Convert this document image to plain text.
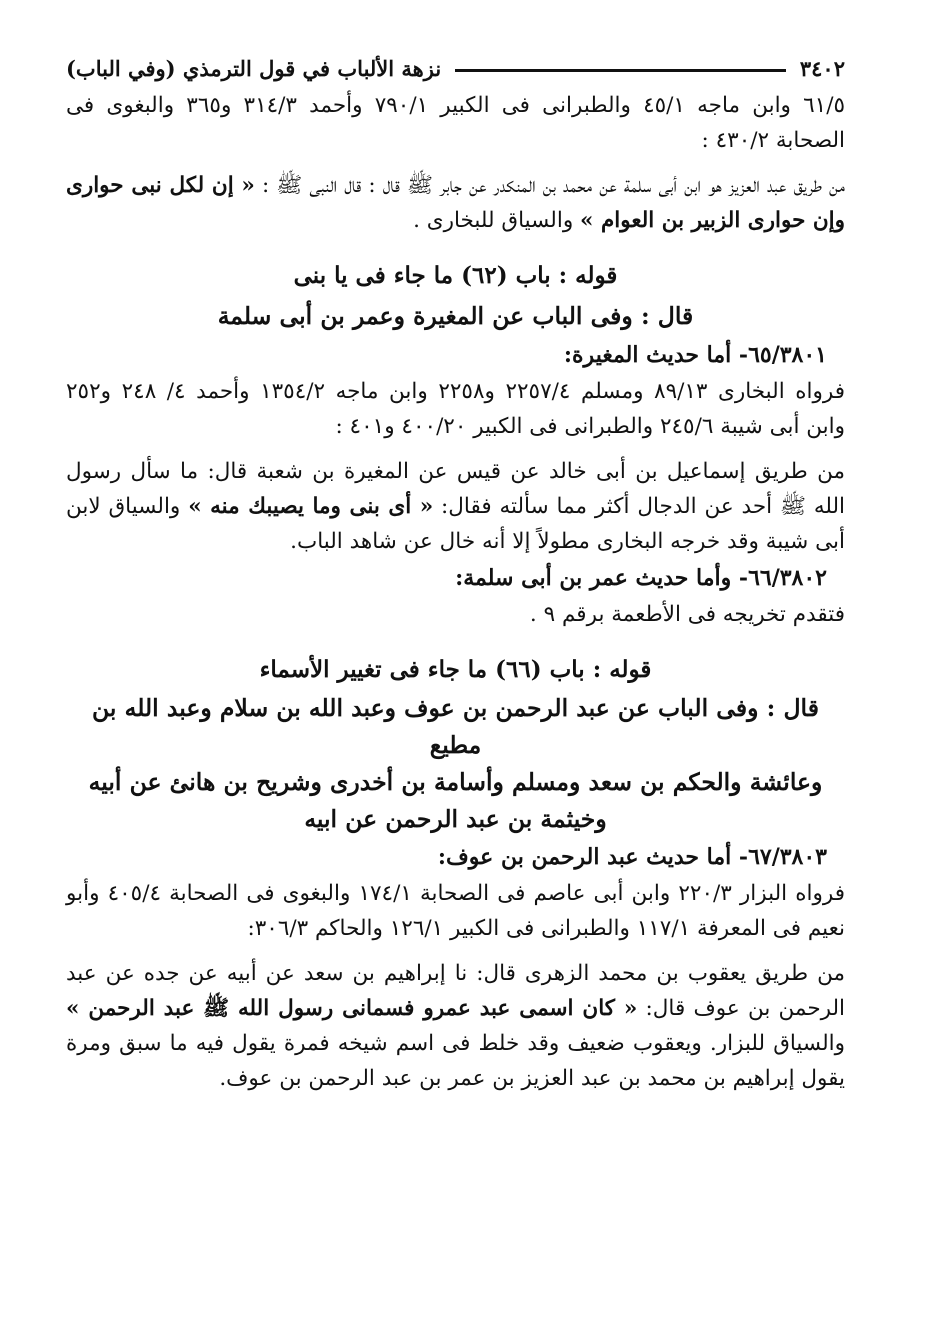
٣٤٠٢
نزهة الألباب في قول الترمذي (وفي الباب)

٦١/٥ وابن ماجه ٤٥/١ والطبرانى فى الكبير ٧٩٠/١ وأحمد ٣١٤/٣ و٣٦٥ والبغوى فى الصحابة ٤٣٠/٢ :

من طريق عبد العزيز هو ابن أبى سلمة عن محمد بن المنكدر عن جابر ﷺ قال : قال النبى ﷺ : « إن لكل نبى حوارى وإن حوارى الزبير بن العوام » والسياق للبخارى .

قوله : باب (٦٢) ما جاء فى يا بنى

قال : وفى الباب عن المغيرة وعمر بن أبى سلمة

٦٥/٣٨٠١- أما حديث المغيرة:

فرواه البخارى ٨٩/١٣ ومسلم ٢٢٥٧/٤ و٢٢٥٨ وابن ماجه ١٣٥٤/٢ وأحمد ٤/ ٢٤٨ و٢٥٢ وابن أبى شيبة ٢٤٥/٦ والطبرانى فى الكبير ٤٠٠/٢٠ و٤٠١ :

من طريق إسماعيل بن أبى خالد عن قيس عن المغيرة بن شعبة قال: ما سأل رسول الله ﷺ أحد عن الدجال أكثر مما سألته فقال: « أى بنى وما يصيبك منه » والسياق لابن أبى شيبة وقد خرجه البخارى مطولاً إلا أنه خال عن شاهد الباب.

٦٦/٣٨٠٢- وأما حديث عمر بن أبى سلمة:

فتقدم تخريجه فى الأطعمة برقم ٩ .

قوله : باب (٦٦) ما جاء فى تغيير الأسماء

قال : وفى الباب عن عبد الرحمن بن عوف وعبد الله بن سلام وعبد الله بن مطيع

وعائشة والحكم بن سعد ومسلم وأسامة بن أخدرى وشريح بن هانئ عن أبيه

وخيثمة بن عبد الرحمن عن ابيه

٦٧/٣٨٠٣- أما حديث عبد الرحمن بن عوف:

فرواه البزار ٢٢٠/٣ وابن أبى عاصم فى الصحابة ١٧٤/١ والبغوى فى الصحابة ٤٠٥/٤ وأبو نعيم فى المعرفة ١١٧/١ والطبرانى فى الكبير ١٢٦/١ والحاكم ٣٠٦/٣:

من طريق يعقوب بن محمد الزهرى قال: نا إبراهيم بن سعد عن أبيه عن جده عن عبد الرحمن بن عوف قال: « كان اسمى عبد عمرو فسمانى رسول الله ﷺ عبد الرحمن » والسياق للبزار. ويعقوب ضعيف وقد خلط فى اسم شيخه فمرة يقول فيه ما سبق ومرة يقول إبراهيم بن محمد بن عبد العزيز بن عمر بن عبد الرحمن بن عوف.
